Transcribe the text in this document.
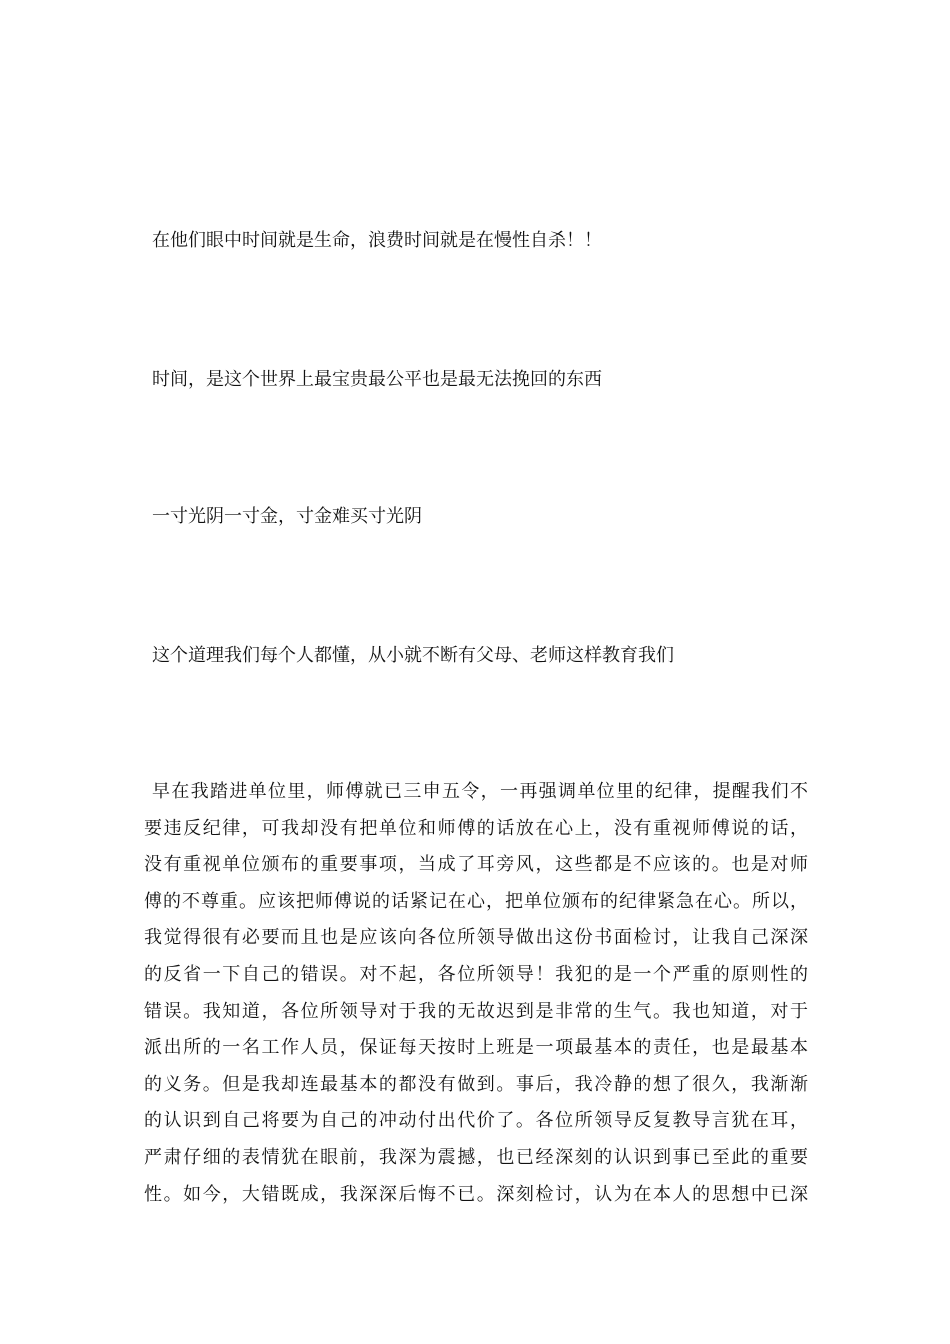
在他们眼中时间就是生命，浪费时间就是在慢性自杀！！

时间，是这个世界上最宝贵最公平也是最无法挽回的东西

一寸光阴一寸金，寸金难买寸光阴

这个道理我们每个人都懂，从小就不断有父母、老师这样教育我们

早在我踏进单位里，师傅就已三申五令，一再强调单位里的纪律，提醒我们不
要违反纪律，可我却没有把单位和师傅的话放在心上，没有重视师傅说的话，
没有重视单位颁布的重要事项，当成了耳旁风，这些都是不应该的。也是对师
傅的不尊重。应该把师傅说的话紧记在心，把单位颁布的纪律紧急在心。所以，
我觉得很有必要而且也是应该向各位所领导做出这份书面检讨，让我自己深深
的反省一下自己的错误。对不起，各位所领导！我犯的是一个严重的原则性的
错误。我知道，各位所领导对于我的无故迟到是非常的生气。我也知道，对于
派出所的一名工作人员，保证每天按时上班是一项最基本的责任，也是最基本
的义务。但是我却连最基本的都没有做到。事后，我冷静的想了很久，我渐渐
的认识到自己将要为自己的冲动付出代价了。各位所领导反复教导言犹在耳，
严肃仔细的表情犹在眼前，我深为震撼，也已经深刻的认识到事已至此的重要
性。如今，大错既成，我深深后悔不已。深刻检讨，认为在本人的思想中已深
